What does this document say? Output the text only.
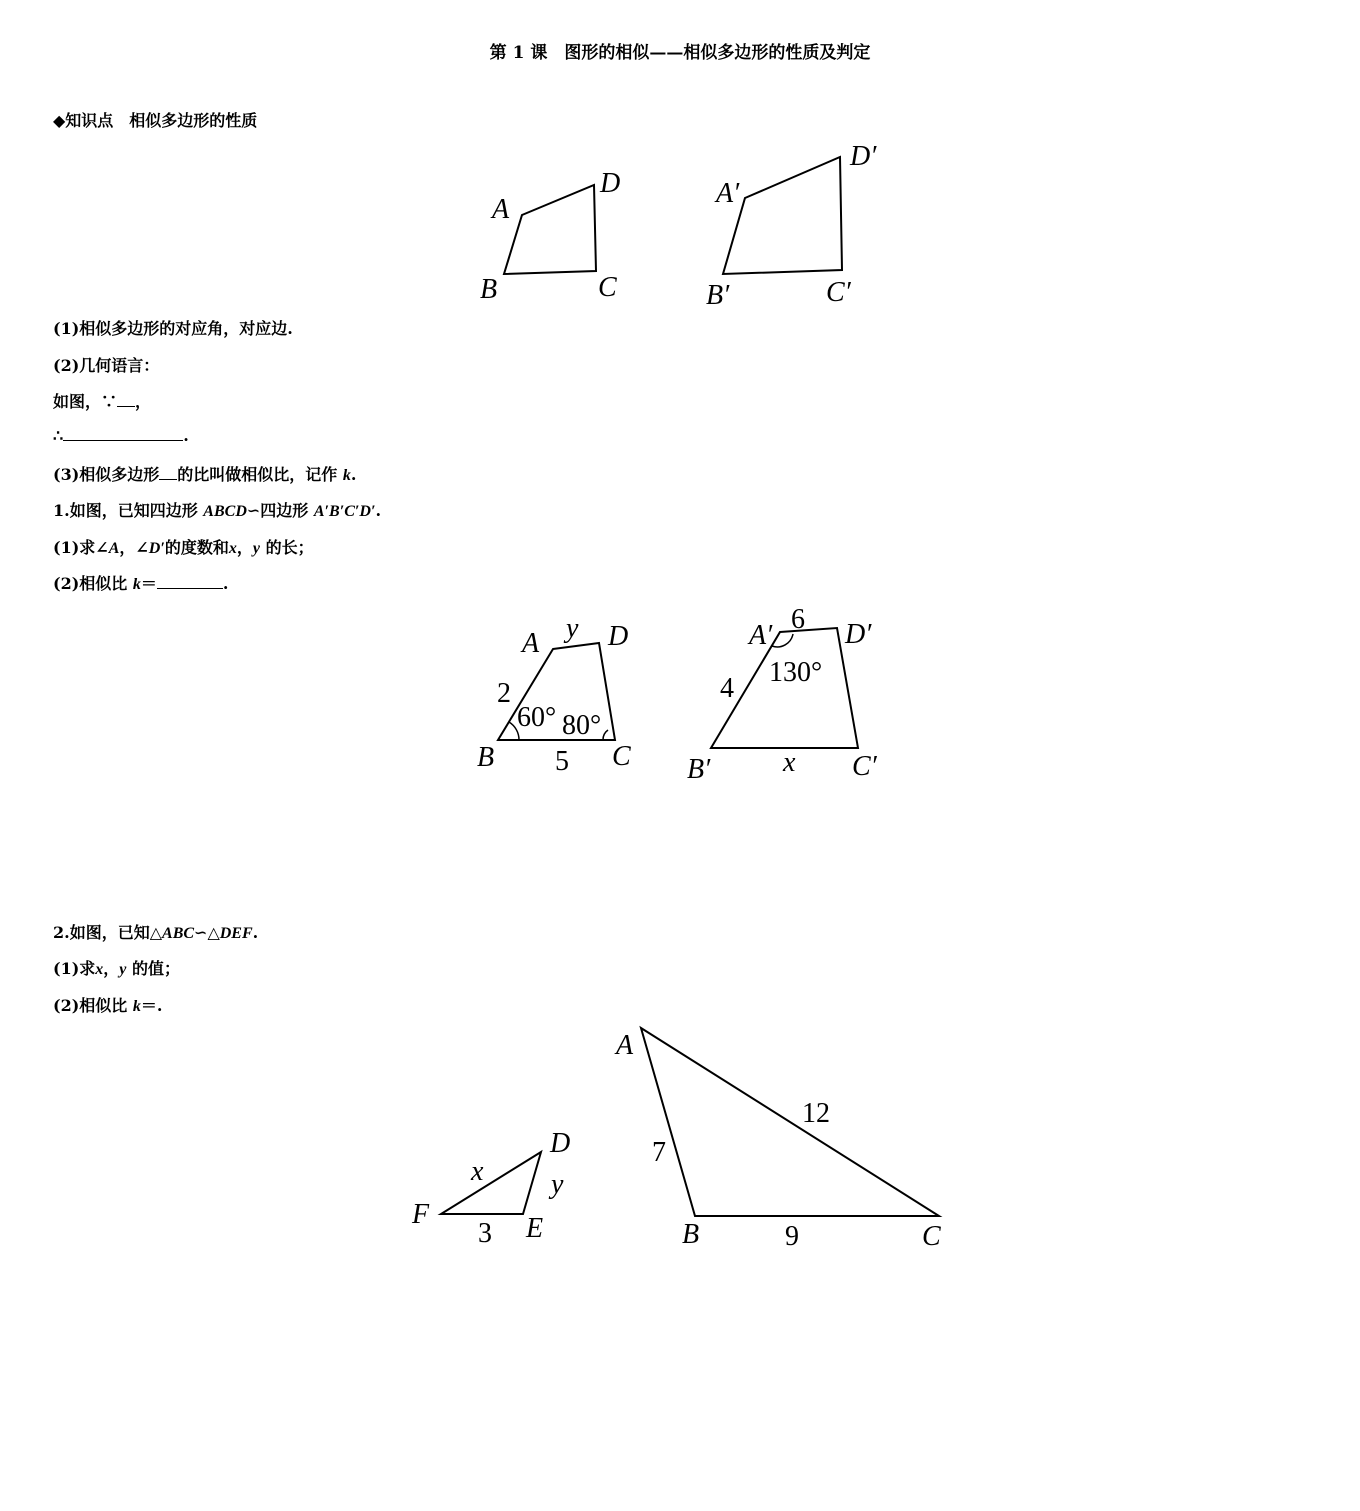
第 1 课　图形的相似——相似多边形的性质及判定
◆知识点　相似多边形的性质
A
B	C
D	A′
B′	C′
D′
(1)相似多边形的对应角，对应边.
(2)几何语言：
如图，∵ ，
∴	.
(3)相似多边形 的比叫做相似比，记作 k.
1.如图，已知四边形 ABCD∽四边形 A′B′C′D′.
(1)求∠A，∠D′的度数和x，y 的长；
(2)相似比 k＝	.
A
B	C
D
2
5
y
60° 80°
A′
B′	C′
D′
4
x
6
130°
2.如图，已知△ABC∽△DEF.
(1)求x，y 的值；
(2)相似比 k＝.
D
E
F
x y
3
A
B	C
7
12
9
